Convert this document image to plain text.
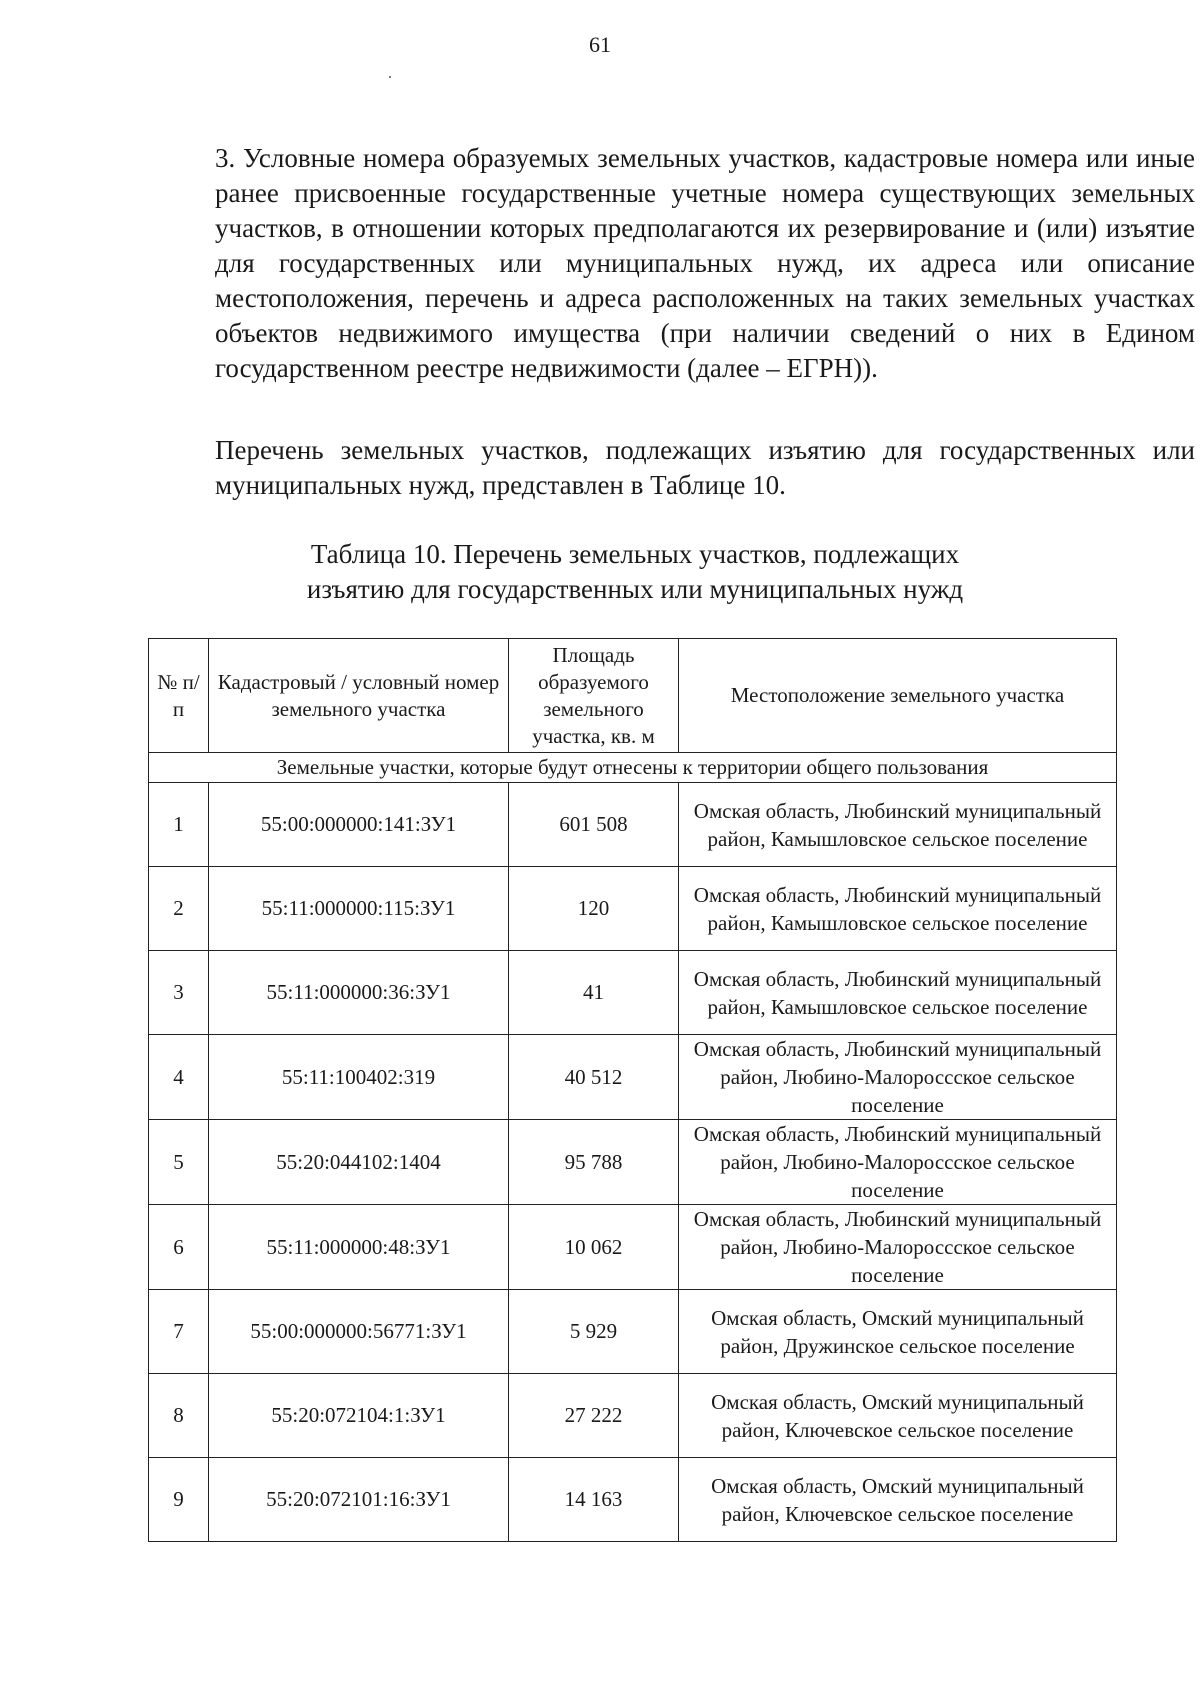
61

3. Условные номера образуемых земельных участков, кадастровые номера или иные ранее присвоенные государственные учетные номера существующих земельных участков, в отношении которых предполагаются их резервирование и (или) изъятие для государственных или муниципальных нужд, их адреса или описание местоположения, перечень и адреса расположенных на таких земельных участках объектов недвижимого имущества (при наличии сведений о них в Едином государственном реестре недвижимости (далее – ЕГРН)).

Перечень земельных участков, подлежащих изъятию для государственных или муниципальных нужд, представлен в Таблице 10.

Таблица 10. Перечень земельных участков, подлежащих
изъятию для государственных или муниципальных нужд
№ п/п	Кадастровый / условный номер земельного участка	Площадь образуемого земельного участка, кв. м	Местоположение земельного участка
Земельные участки, которые будут отнесены к территории общего пользования			
1	55:00:000000:141:ЗУ1	601 508	Омская область, Любинский муниципальный район, Камышловское сельское поселение
2	55:11:000000:115:ЗУ1	120	Омская область, Любинский муниципальный район, Камышловское сельское поселение
3	55:11:000000:36:ЗУ1	41	Омская область, Любинский муниципальный район, Камышловское сельское поселение
4	55:11:100402:319	40 512	Омская область, Любинский муниципальный район, Любино-Малороссское сельское поселение
5	55:20:044102:1404	95 788	Омская область, Любинский муниципальный район, Любино-Малороссское сельское поселение
6	55:11:000000:48:ЗУ1	10 062	Омская область, Любинский муниципальный район, Любино-Малороссское сельское поселение
7	55:00:000000:56771:ЗУ1	5 929	Омская область, Омский муниципальный район, Дружинское сельское поселение
8	55:20:072104:1:ЗУ1	27 222	Омская область, Омский муниципальный район, Ключевское сельское поселение
9	55:20:072101:16:ЗУ1	14 163	Омская область, Омский муниципальный район, Ключевское сельское поселение
